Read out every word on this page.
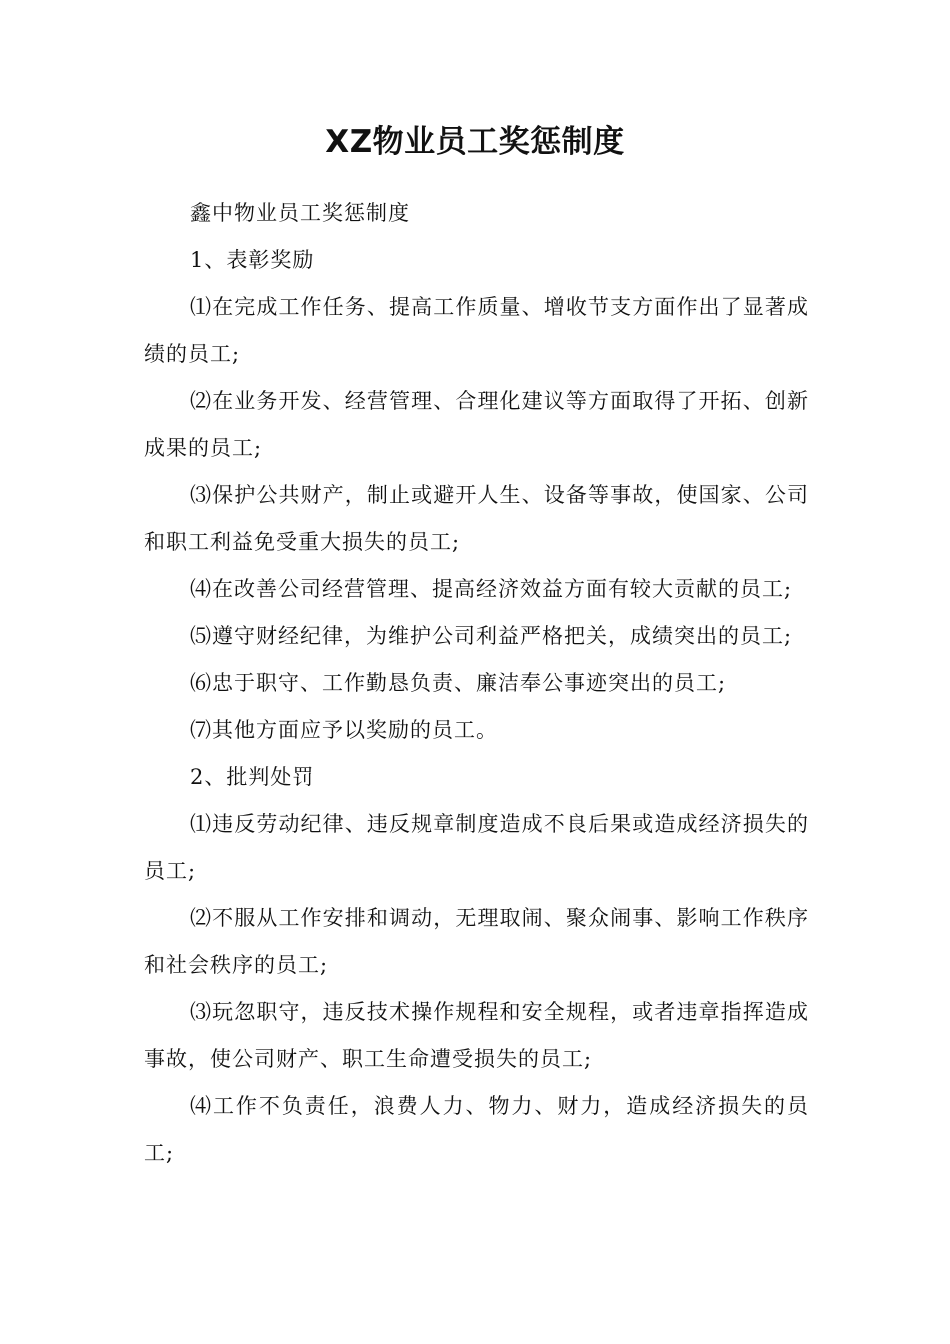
XZ物业员工奖惩制度

鑫中物业员工奖惩制度

1、表彰奖励

⑴在完成工作任务、提高工作质量、增收节支方面作出了显著成绩的员工;

⑵在业务开发、经营管理、合理化建议等方面取得了开拓、创新成果的员工;

⑶保护公共财产，制止或避开人生、设备等事故，使国家、公司和职工利益免受重大损失的员工;

⑷在改善公司经营管理、提高经济效益方面有较大贡献的员工;

⑸遵守财经纪律，为维护公司利益严格把关，成绩突出的员工;

⑹忠于职守、工作勤恳负责、廉洁奉公事迹突出的员工;

⑺其他方面应予以奖励的员工。

2、批判处罚

⑴违反劳动纪律、违反规章制度造成不良后果或造成经济损失的员工;

⑵不服从工作安排和调动，无理取闹、聚众闹事、影响工作秩序和社会秩序的员工;

⑶玩忽职守，违反技术操作规程和安全规程，或者违章指挥造成事故，使公司财产、职工生命遭受损失的员工;

⑷工作不负责任，浪费人力、物力、财力，造成经济损失的员工;
